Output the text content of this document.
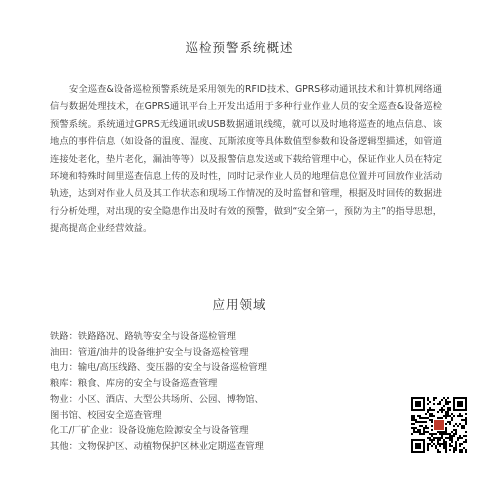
巡检预警系统概述

安全巡查&设备巡检预警系统是采用领先的RFID技术、GPRS移动通讯技术和计算机网络通信与数据处理技术，在GPRS通讯平台上开发出适用于多种行业作业人员的安全巡查&设备巡检预警系统。系统通过GPRS无线通讯或USB数据通讯线缆，就可以及时地将巡查的地点信息、该地点的事件信息（如设备的温度、湿度、瓦斯浓度等具体数值型参数和设备逻辑型描述，如管道连接处老化，垫片老化，漏油等等）以及报警信息发送或下载给管理中心，保证作业人员在特定环境和特殊时间里巡查信息上传的及时性，同时记录作业人员的地理信息位置并可回放作业活动轨迹，达到对作业人员及其工作状态和现场工作情况的及时监督和管理，根据及时回传的数据进行分析处理，对出现的安全隐患作出及时有效的预警，做到“安全第一，预防为主”的指导思想，提高提高企业经营效益。

应用领域
铁路：铁路路况、路轨等安全与设备巡检管理
油田：管道/油井的设备维护安全与设备巡检管理
电力：输电/高压线路、变压器的安全与设备巡检管理
粮库：粮食、库房的安全与设备巡查管理
物业：小区、酒店、大型公共场所、公园、博物馆、
图书馆、校园安全巡查管理
化工/厂矿企业：设备设施危险源安全与设备管理
其他：文物保护区、动植物保护区林业定期巡查管理
